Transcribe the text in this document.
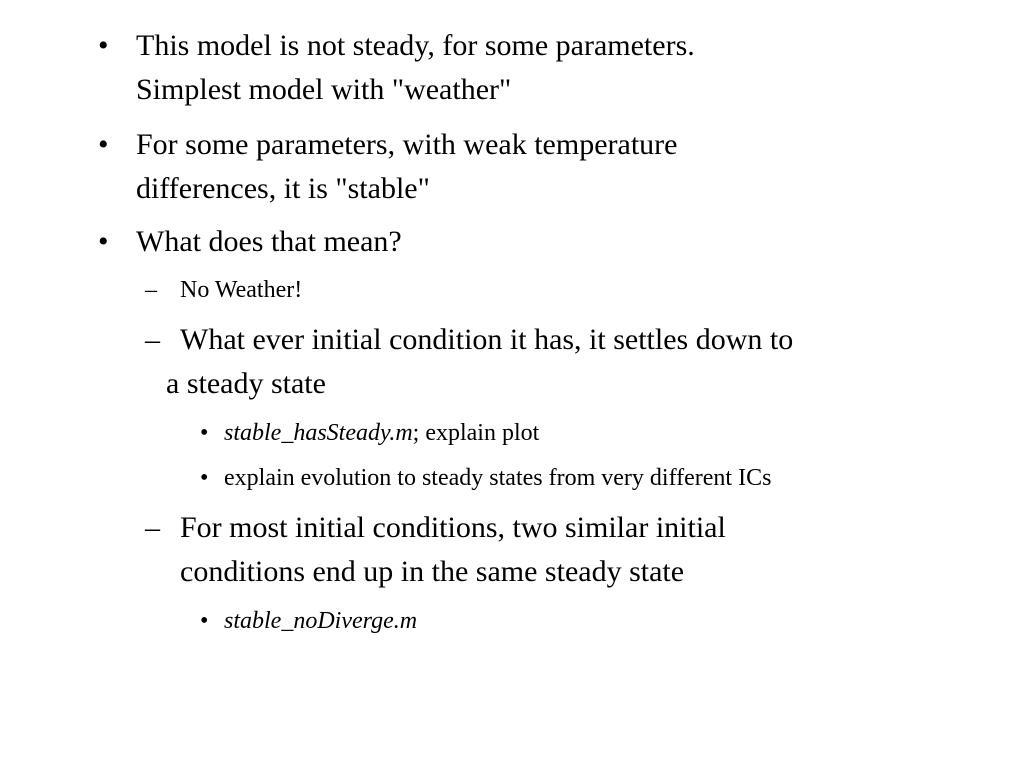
• This model is not steady, for some parameters.
Simplest model with "weather"
• For some parameters, with weak temperature
differences, it is "stable"
• What does that mean?
– No Weather!
– What ever initial condition it has, it settles down to
a steady state
• stable_hasSteady.m; explain plot
• explain evolution to steady states from very different ICs
– For most initial conditions, two similar initial
conditions end up in the same steady state
• stable_noDiverge.m
